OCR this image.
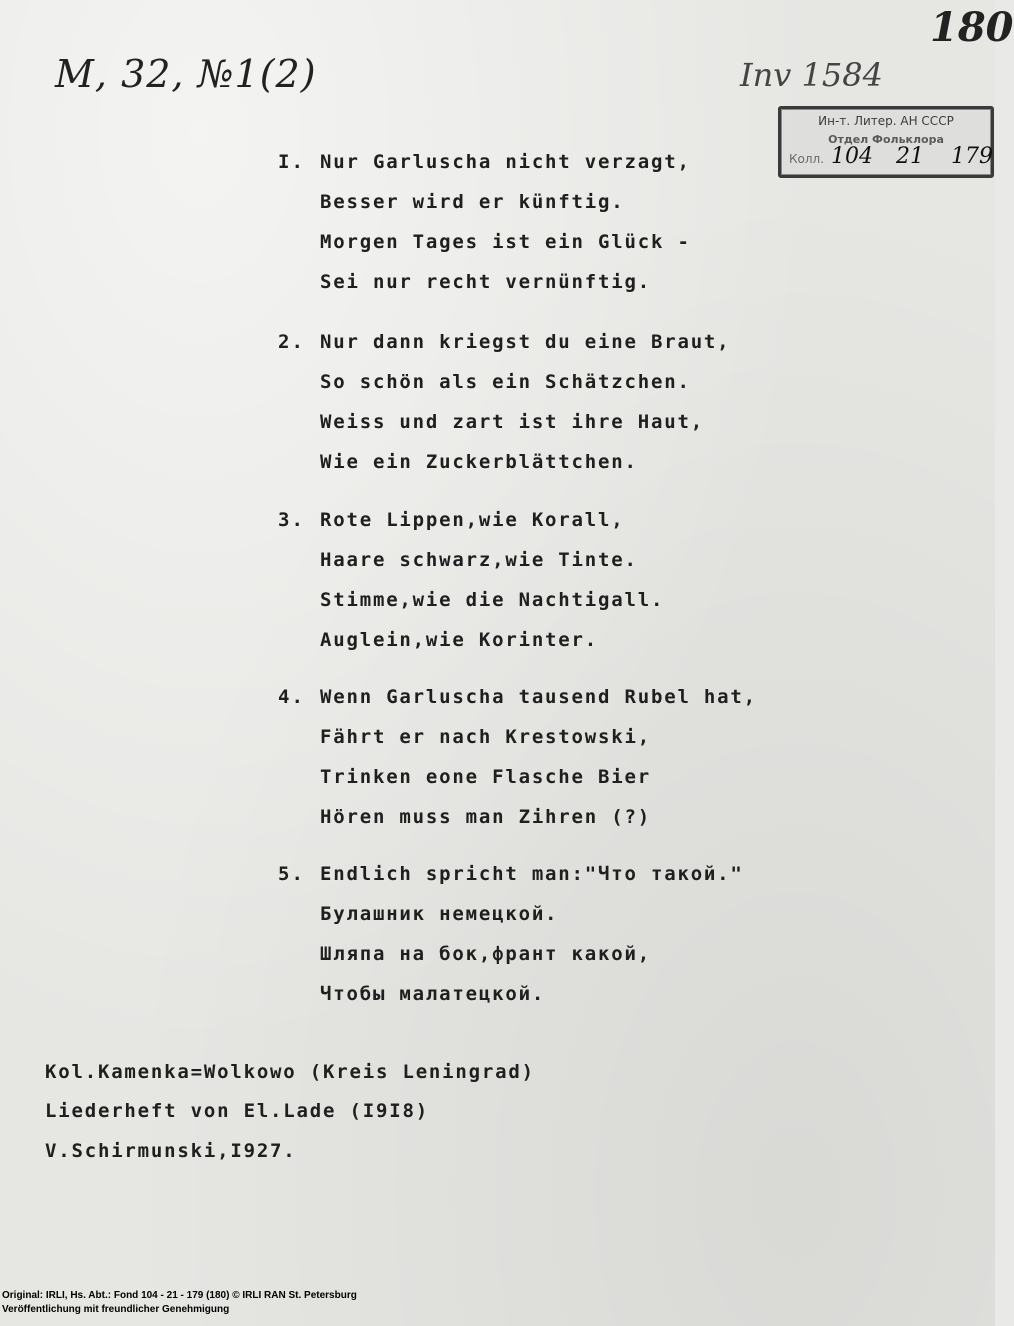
M, 32, №1(2)	Inv 1584
180
Ин-т. Литер. АН СССР
Отдел Фольклора
Колл. 104 21 179
I. Nur Garluscha nicht verzagt,
Besser wird er künftig.
Morgen Tages ist ein Glück -
Sei nur recht vernünftig.
2. Nur dann kriegst du eine Braut,
So schön als ein Schätzchen.
Weiss und zart ist ihre Haut,
Wie ein Zuckerblättchen.
3. Rote Lippen,wie Korall,
Haare schwarz,wie Tinte.
Stimme,wie die Nachtigall.
Auglein,wie Korinter.
4. Wenn Garluscha tausend Rubel hat,
Fährt er nach Krestowski,
Trinken eone Flasche Bier
Hören muss man Zihren (?)
5. Endlich spricht man:"Что такой."
Булашник немецкой.
Шляпа на бок,франт какой,
Чтобы малатецкой.
Kol.Kamenka=Wolkowo (Kreis Leningrad)
Liederheft von El.Lade (I9I8)
V.Schirmunski,I927.
Original: IRLI, Hs. Abt.: Fond 104 - 21 - 179 (180) © IRLI RAN St. Petersburg
Veröffentlichung mit freundlicher Genehmigung
